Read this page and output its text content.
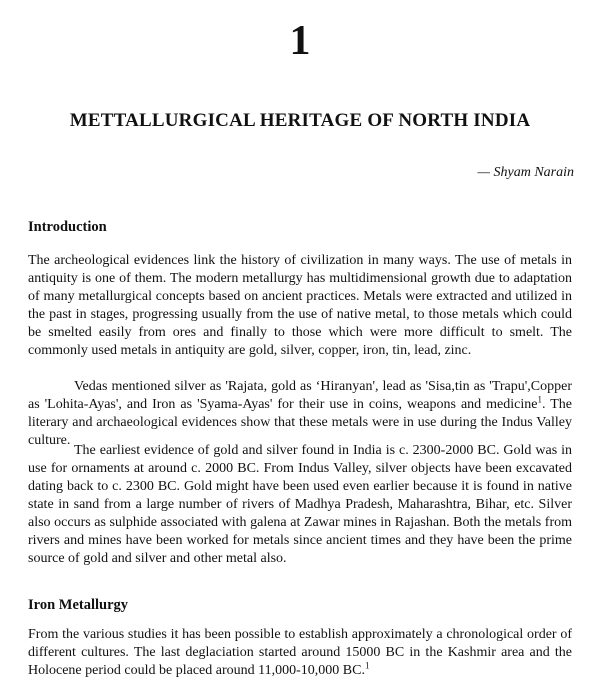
1
METTALLURGICAL HERITAGE OF NORTH INDIA
— Shyam Narain
Introduction

The archeological evidences link the history of civilization in many ways. The use of metals in antiquity is one of them. The modern metallurgy has multidimensional growth due to adaptation of many metallurgical concepts based on ancient practices. Metals were extracted and utilized in the past in stages, progressing usually from the use of native metal, to those metals which could be smelted easily from ores and finally to those which were more difficult to smelt. The commonly used metals in antiquity are gold, silver, copper, iron, tin, lead, zinc.

Vedas mentioned silver as 'Rajata, gold as ‘Hiranyan', lead as 'Sisa,tin as 'Trapu',Copper as 'Lohita-Ayas', and Iron as 'Syama-Ayas' for their use in coins, weapons and medicine$^1$. The literary and archaeological evidences show that these metals were in use during the Indus Valley culture.

The earliest evidence of gold and silver found in India is c. 2300-2000 BC. Gold was in use for ornaments at around c. 2000 BC. From Indus Valley, silver objects have been excavated dating back to c. 2300 BC. Gold might have been used even earlier because it is found in native state in sand from a large number of rivers of Madhya Pradesh, Maharashtra, Bihar, etc. Silver also occurs as sulphide associated with galena at Zawar mines in Rajashan. Both the metals from rivers and mines have been worked for metals since ancient times and they have been the prime source of gold and silver and other metal also.

Iron Metallurgy

From the various studies it has been possible to establish approximately a chronological order of different cultures. The last deglaciation started around 15000 BC in the Kashmir area and the Holocene period could be placed around 11,000-10,000 BC.$^1$
